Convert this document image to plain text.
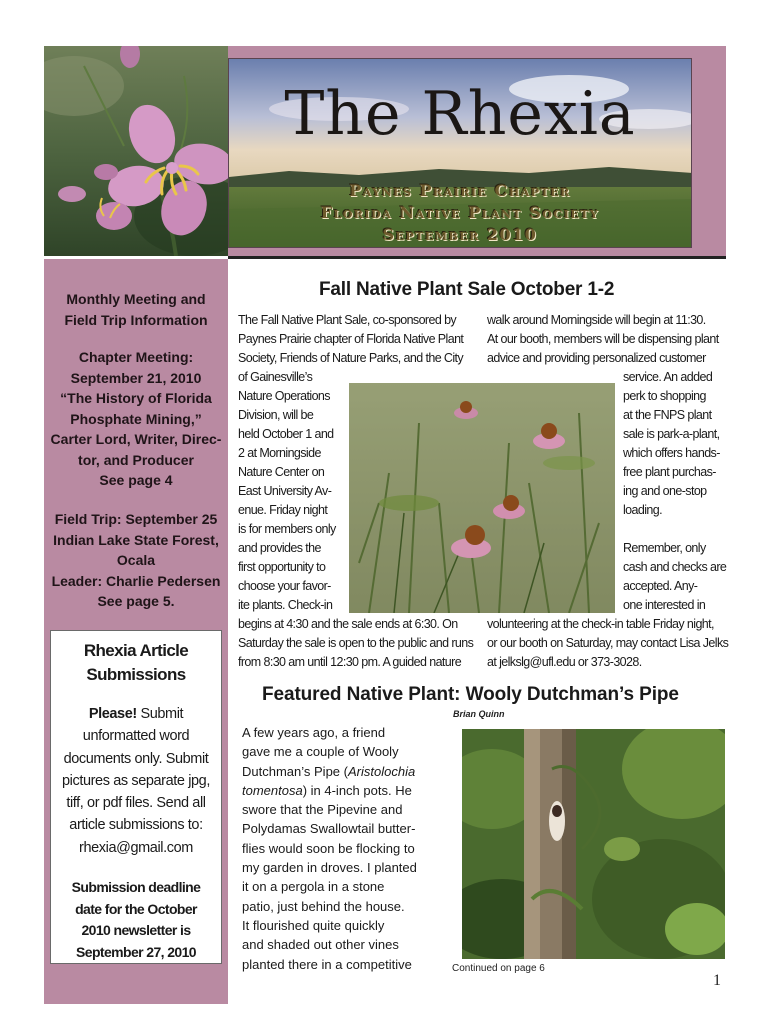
The Rhexia
Paynes Prairie Chapter
Florida Native Plant Society
September 2010
Monthly Meeting and
Field Trip Information
Chapter Meeting:
September 21, 2010
“The History of Florida
Phosphate Mining,”
Carter Lord, Writer, Direc-
tor, and Producer
See page 4
Field Trip: September 25
Indian Lake State Forest,
Ocala
Leader: Charlie Pedersen
See page 5.
Rhexia Article
Submissions
Please! Submit
unformatted word
documents only. Submit
pictures as separate jpg,
tiff, or pdf files. Send all
article submissions to:
rhexia@gmail.com
Submission deadline
date for the October
2010 newsletter is
September 27, 2010
Fall Native Plant Sale October 1-2
The Fall Native Plant Sale, co-sponsored by
Paynes Prairie chapter of Florida Native Plant
Society, Friends of Nature Parks, and the City
of Gainesville’s
Nature Operations
Division, will be
held October 1 and
2 at Morningside
Nature Center on
East University Av-
enue. Friday night
is for members only
and provides the
first opportunity to
choose your favor-
ite plants. Check-in
begins at 4:30 and the sale ends at 6:30. On
Saturday the sale is open to the public and runs
from 8:30 am until 12:30 pm. A guided nature
walk around Morningside will begin at 11:30.
At our booth, members will be dispensing plant
advice and providing personalized customer
service. An added
perk to shopping
at the FNPS plant
sale is park-a-plant,
which offers hands-
free plant purchas-
ing and one-stop
loading.
Remember, only
cash and checks are
accepted. Any-
one interested in
volunteering at the check-in table Friday night,
or our booth on Saturday, may contact Lisa Jelks
at jelkslg@ufl.edu or 373-3028.
Featured Native Plant: Wooly Dutchman’s Pipe
Brian Quinn
A few years ago, a friend
gave me a couple of Wooly
Dutchman’s Pipe (Aristolochia
tomentosa) in 4-inch pots. He
swore that the Pipevine and
Polydamas Swallowtail butter-
flies would soon be flocking to
my garden in droves. I planted
it on a pergola in a stone
patio, just behind the house.
It flourished quite quickly
and shaded out other vines
planted there in a competitive	Continued on page 6
1
